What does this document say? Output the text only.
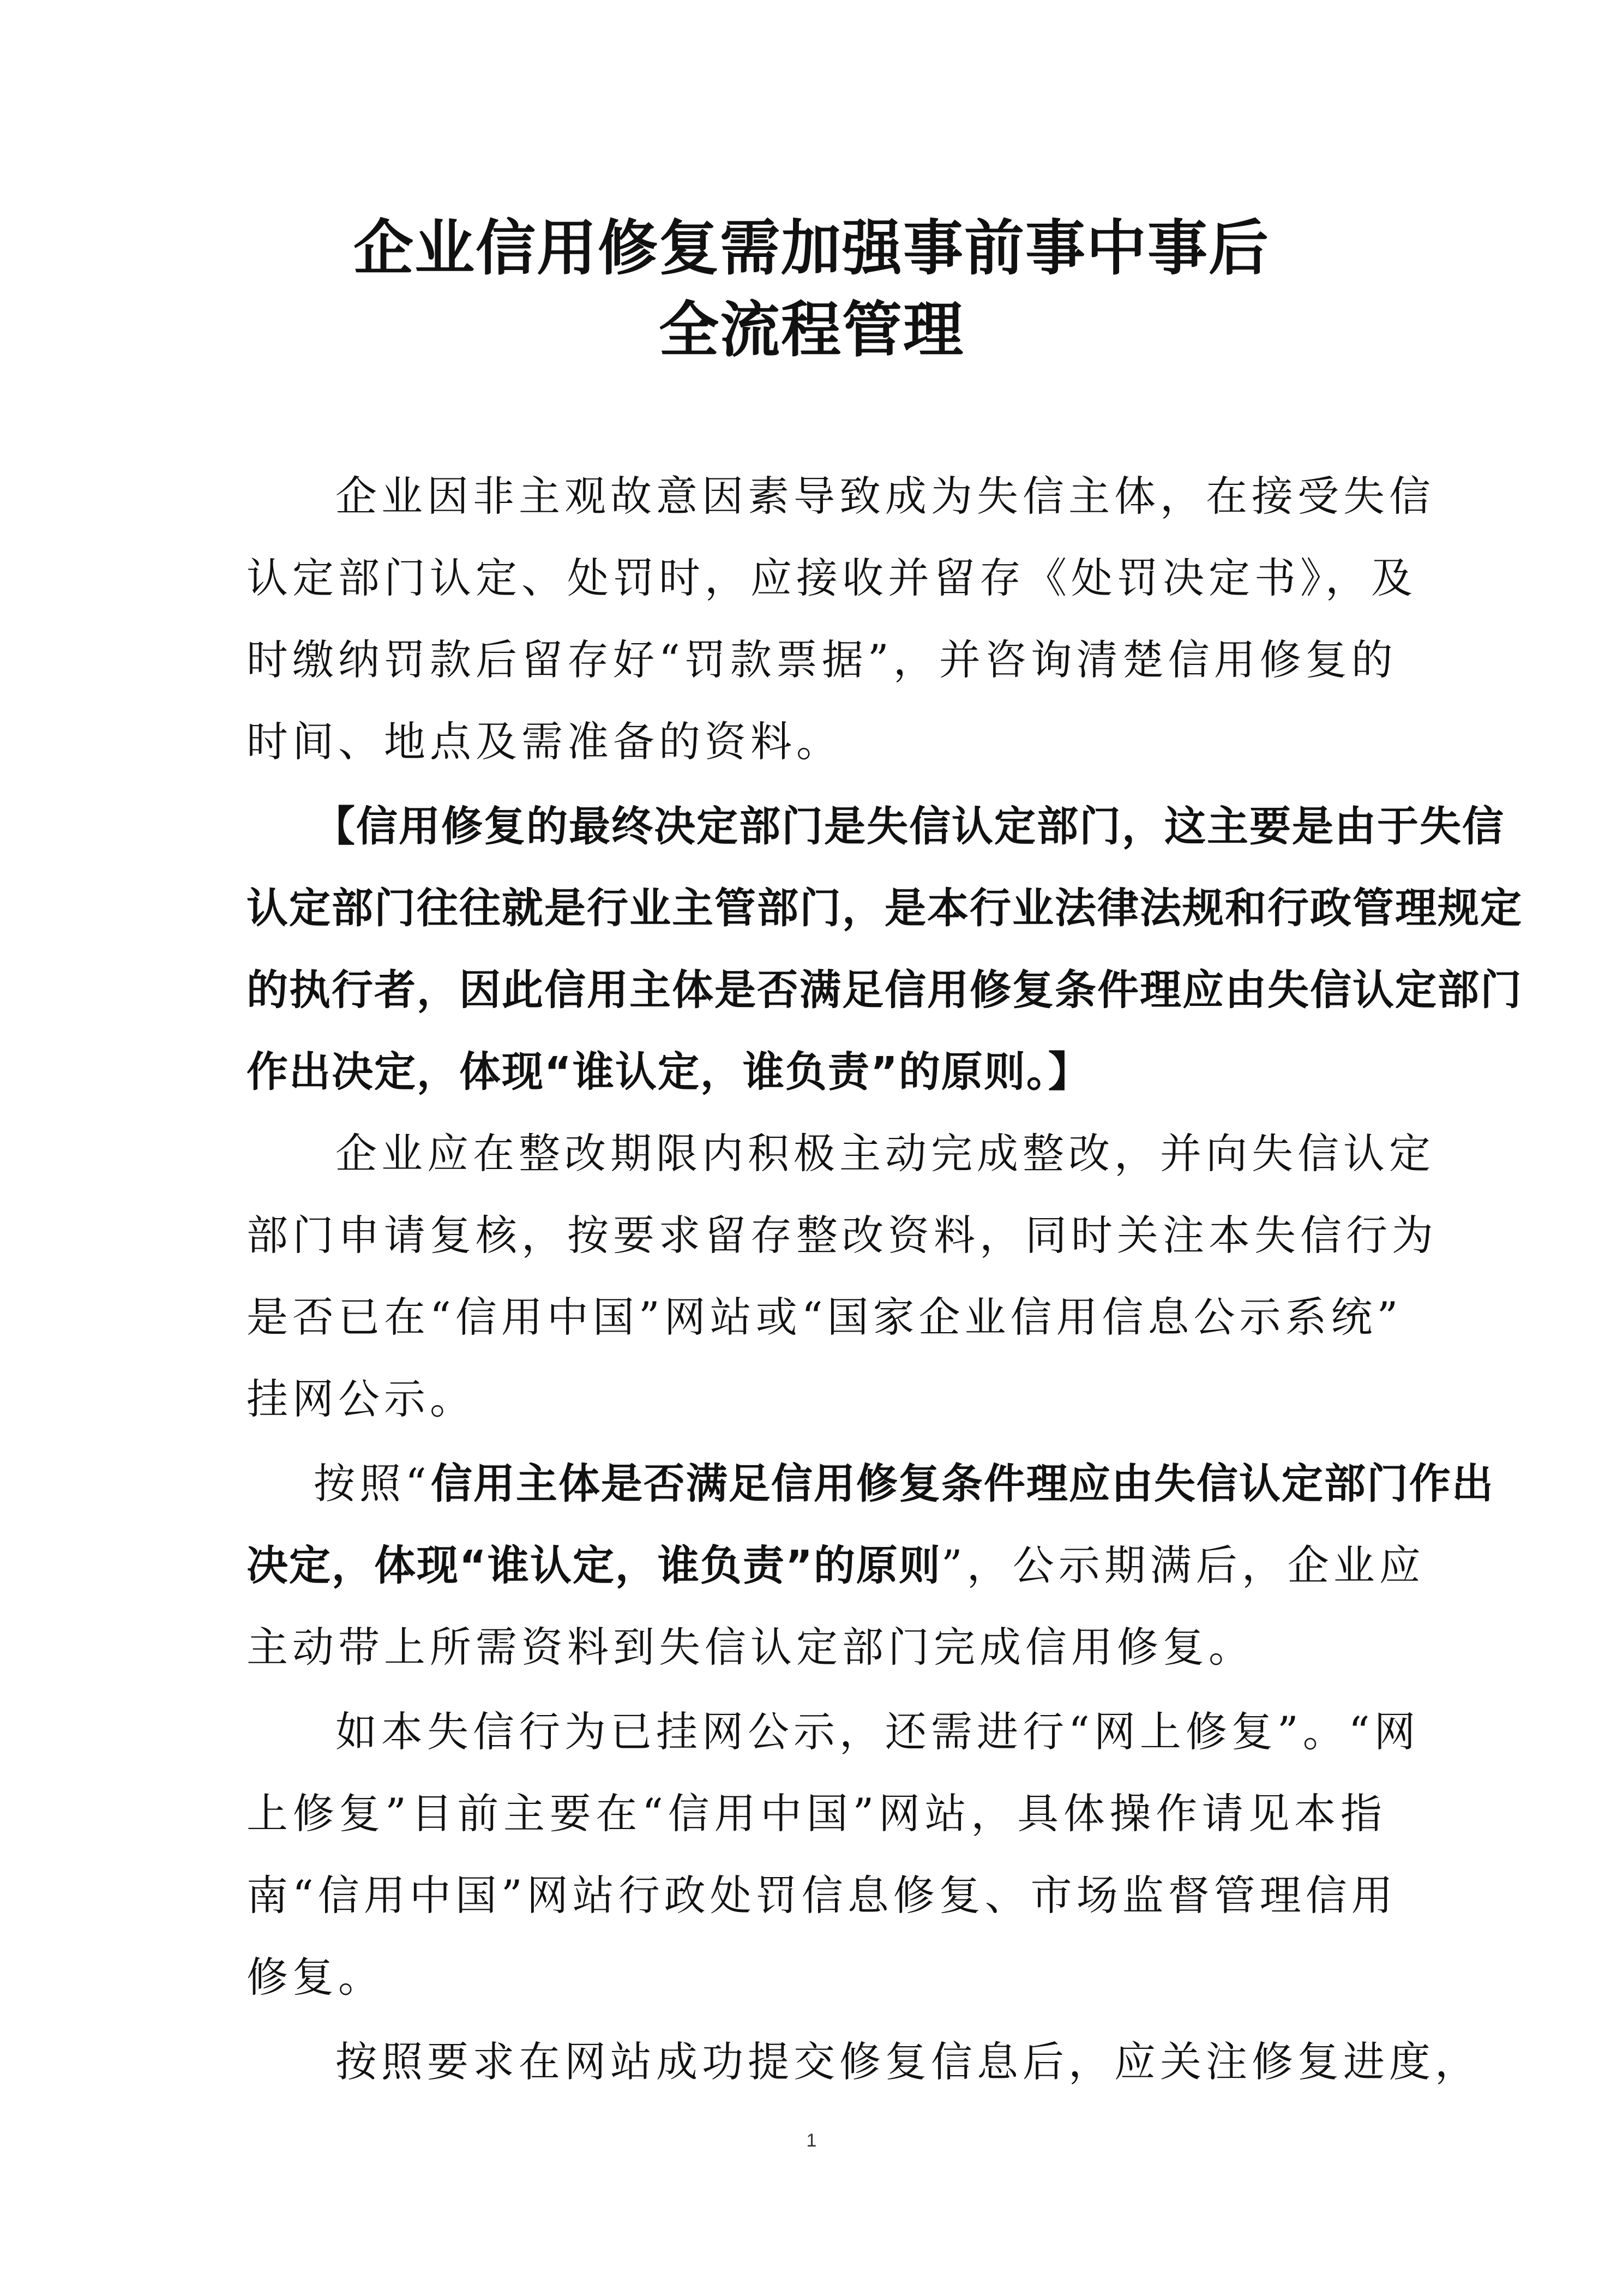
企业信用修复需加强事前事中事后
全流程管理
企业因非主观故意因素导致成为失信主体，在接受失信
认定部门认定、处罚时，应接收并留存《处罚决定书》，及
时缴纳罚款后留存好“罚款票据”，并咨询清楚信用修复的
时间、地点及需准备的资料。
【信用修复的最终决定部门是失信认定部门，这主要是由于失信
认定部门往往就是行业主管部门，是本行业法律法规和行政管理规定
的执行者，因此信用主体是否满足信用修复条件理应由失信认定部门
作出决定，体现“谁认定，谁负责”的原则。】
企业应在整改期限内积极主动完成整改，并向失信认定
部门申请复核，按要求留存整改资料，同时关注本失信行为
是否已在“信用中国”网站或“国家企业信用信息公示系统”
挂网公示。
按照“信用主体是否满足信用修复条件理应由失信认定部门作出
决定，体现“谁认定，谁负责”的原则”，公示期满后，企业应
主动带上所需资料到失信认定部门完成信用修复。
如本失信行为已挂网公示，还需进行“网上修复”。“网
上修复”目前主要在“信用中国”网站，具体操作请见本指
南“信用中国”网站行政处罚信息修复、市场监督管理信用
修复。
按照要求在网站成功提交修复信息后，应关注修复进度，
1
